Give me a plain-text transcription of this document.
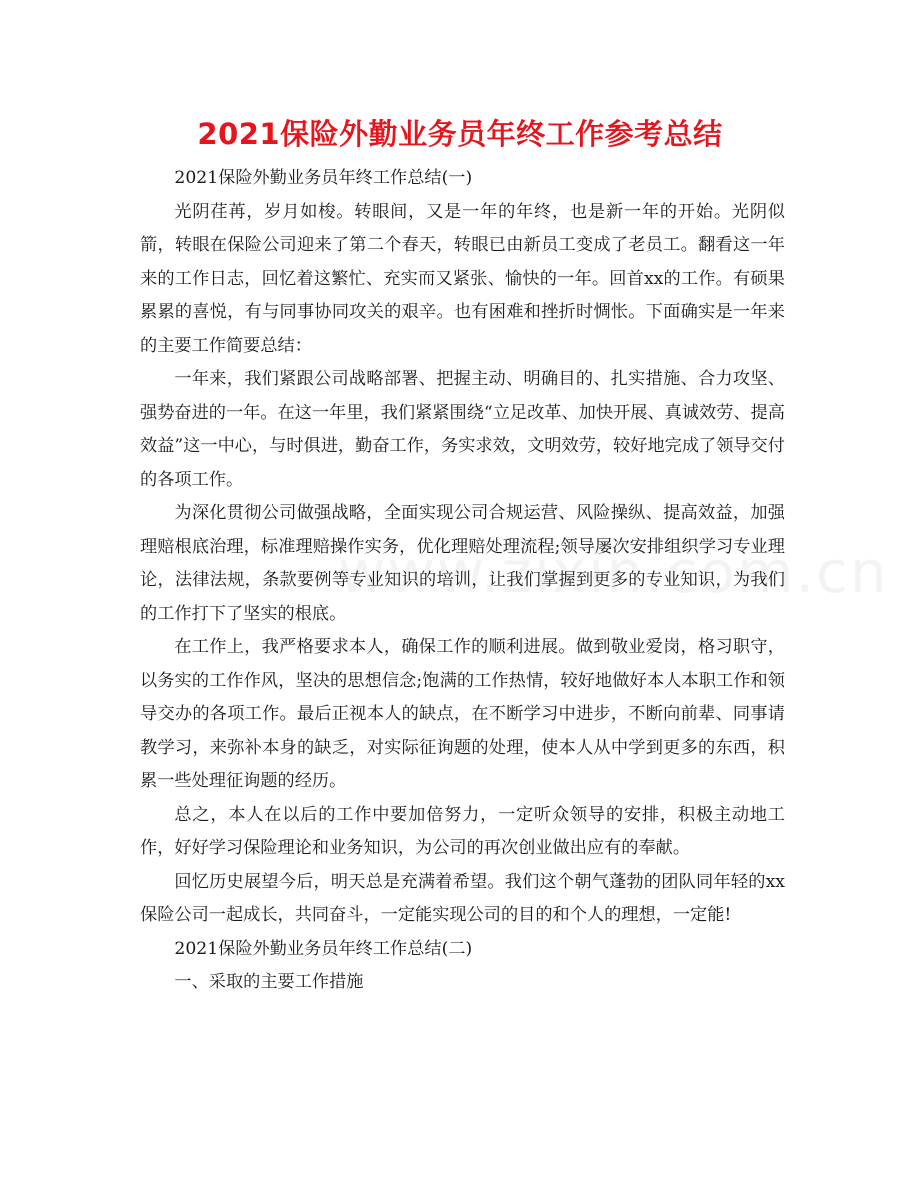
2021保险外勤业务员年终工作参考总结

2021保险外勤业务员年终工作总结(一)

光阴荏苒，岁月如梭。转眼间，又是一年的年终，也是新一年的开始。光阴似箭，转眼在保险公司迎来了第二个春天，转眼已由新员工变成了老员工。翻看这一年来的工作日志，回忆着这繁忙、充实而又紧张、愉快的一年。回首xx的工作。有硕果累累的喜悦，有与同事协同攻关的艰辛。也有困难和挫折时惆怅。下面确实是一年来的主要工作简要总结：

一年来，我们紧跟公司战略部署、把握主动、明确目的、扎实措施、合力攻坚、强势奋进的一年。在这一年里，我们紧紧围绕“立足改革、加快开展、真诚效劳、提高效益”这一中心，与时俱进，勤奋工作，务实求效，文明效劳，较好地完成了领导交付的各项工作。

为深化贯彻公司做强战略，全面实现公司合规运营、风险操纵、提高效益，加强理赔根底治理，标准理赔操作实务，优化理赔处理流程;领导屡次安排组织学习专业理论，法律法规，条款要例等专业知识的培训，让我们掌握到更多的专业知识，为我们的工作打下了坚实的根底。

在工作上，我严格要求本人，确保工作的顺利进展。做到敬业爱岗，格习职守，以务实的工作作风，坚决的思想信念;饱满的工作热情，较好地做好本人本职工作和领导交办的各项工作。最后正视本人的缺点，在不断学习中进步，不断向前辈、同事请教学习，来弥补本身的缺乏，对实际征询题的处理，使本人从中学到更多的东西，积累一些处理征询题的经历。

总之，本人在以后的工作中要加倍努力，一定听众领导的安排，积极主动地工作，好好学习保险理论和业务知识，为公司的再次创业做出应有的奉献。

回忆历史展望今后，明天总是充满着希望。我们这个朝气蓬勃的团队同年轻的xx保险公司一起成长，共同奋斗，一定能实现公司的目的和个人的理想，一定能!

2021保险外勤业务员年终工作总结(二)

一、采取的主要工作措施
